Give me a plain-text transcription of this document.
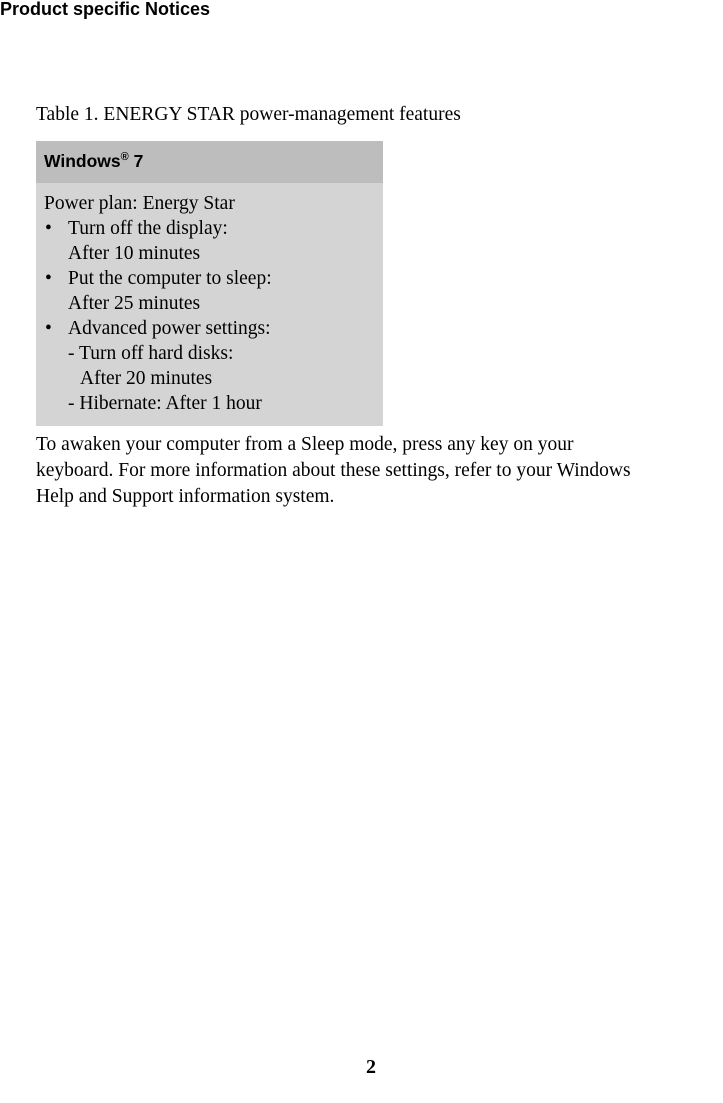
Product specific Notices
Table 1. ENERGY STAR power-management features
Windows® 7
Power plan: Energy Star
• Turn off the display:
After 10 minutes
• Put the computer to sleep:
After 25 minutes
• Advanced power settings:
- Turn off hard disks:
After 20 minutes
- Hibernate: After 1 hour
To awaken your computer from a Sleep mode, press any key on your
keyboard. For more information about these settings, refer to your Windows
Help and Support information system.
2
